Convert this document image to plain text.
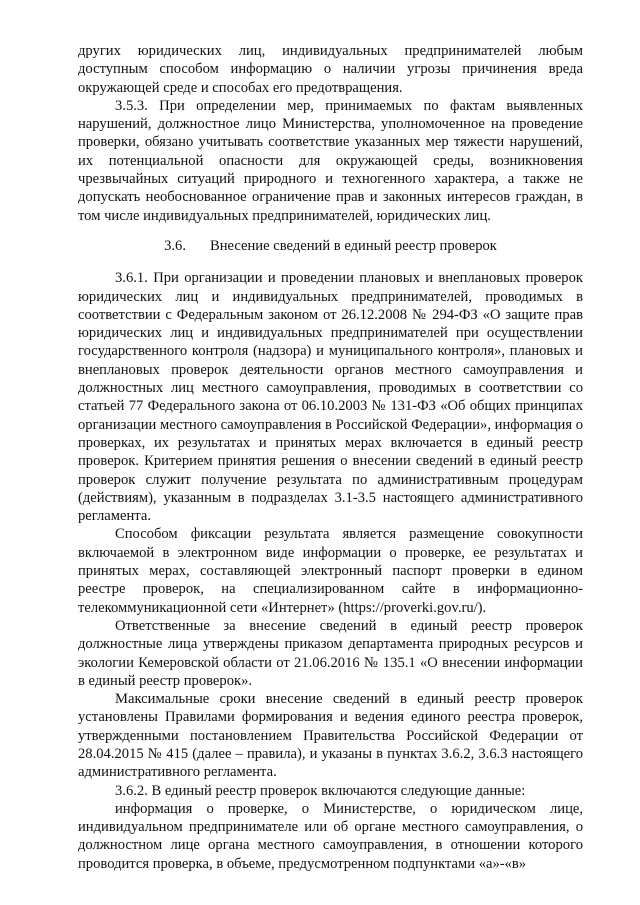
других юридических лиц, индивидуальных предпринимателей любым доступным способом информацию о наличии угрозы причинения вреда окружающей среде и способах его предотвращения.

3.5.3. При определении мер, принимаемых по фактам выявленных нарушений, должностное лицо Министерства, уполномоченное на проведение проверки, обязано учитывать соответствие указанных мер тяжести нарушений, их потенциальной опасности для окружающей среды, возникновения чрезвычайных ситуаций природного и техногенного характера, а также не допускать необоснованное ограничение прав и законных интересов граждан, в том числе индивидуальных предпринимателей, юридических лиц.

3.6. Внесение сведений в единый реестр проверок

3.6.1. При организации и проведении плановых и внеплановых проверок юридических лиц и индивидуальных предпринимателей, проводимых в соответствии с Федеральным законом от 26.12.2008 № 294-ФЗ «О защите прав юридических лиц и индивидуальных предпринимателей при осуществлении государственного контроля (надзора) и муниципального контроля», плановых и внеплановых проверок деятельности органов местного самоуправления и должностных лиц местного самоуправления, проводимых в соответствии со статьей 77 Федерального закона от 06.10.2003 № 131-ФЗ «Об общих принципах организации местного самоуправления в Российской Федерации», информация о проверках, их результатах и принятых мерах включается в единый реестр проверок. Критерием принятия решения о внесении сведений в единый реестр проверок служит получение результата по административным процедурам (действиям), указанным в подразделах 3.1-3.5 настоящего административного регламента.

Способом фиксации результата является размещение совокупности включаемой в электронном виде информации о проверке, ее результатах и принятых мерах, составляющей электронный паспорт проверки в едином реестре проверок, на специализированном сайте в информационно-телекоммуникационной сети «Интернет» (https://proverki.gov.ru/).

Ответственные за внесение сведений в единый реестр проверок должностные лица утверждены приказом департамента природных ресурсов и экологии Кемеровской области от 21.06.2016 № 135.1 «О внесении информации в единый реестр проверок».

Максимальные сроки внесение сведений в единый реестр проверок установлены Правилами формирования и ведения единого реестра проверок, утвержденными постановлением Правительства Российской Федерации от 28.04.2015 № 415 (далее – правила), и указаны в пунктах 3.6.2, 3.6.3 настоящего административного регламента.

3.6.2. В единый реестр проверок включаются следующие данные:

информация о проверке, о Министерстве, о юридическом лице, индивидуальном предпринимателе или об органе местного самоуправления, о должностном лице органа местного самоуправления, в отношении которого проводится проверка, в объеме, предусмотренном подпунктами «а»-«в»
